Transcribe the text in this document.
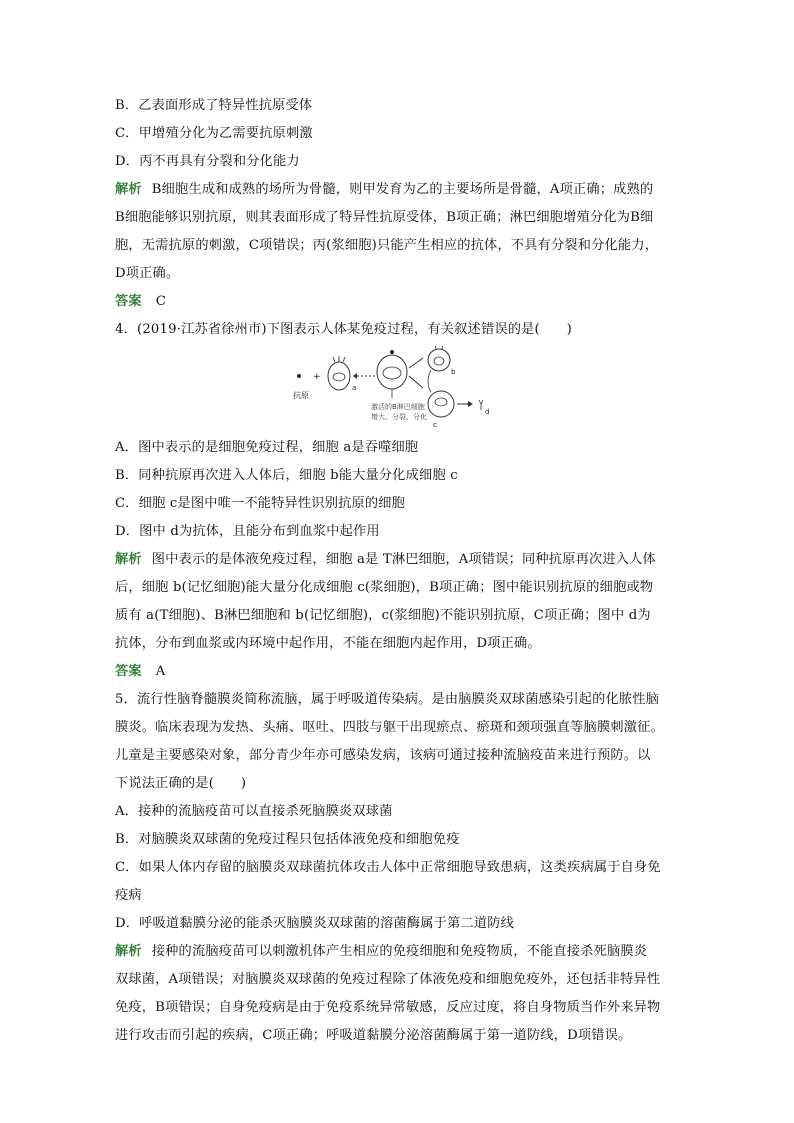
B．乙表面形成了特异性抗原受体
C．甲增殖分化为乙需要抗原刺激
D．丙不再具有分裂和分化能力
解析 B细胞生成和成熟的场所为骨髓，则甲发育为乙的主要场所是骨髓，A项正确；成熟的
B细胞能够识别抗原，则其表面形成了特异性抗原受体，B项正确；淋巴细胞增殖分化为B细
胞，无需抗原的刺激，C项错误；丙(浆细胞)只能产生相应的抗体，不具有分裂和分化能力，
D项正确。
答案 C
4．(2019·江苏省徐州市)下图表示人体某免疫过程，有关叙述错误的是(　　)
抗原
+
a
激活的B淋巴细胞
增大、分裂、分化
b
c
d
A．图中表示的是细胞免疫过程，细胞 a是吞噬细胞
B．同种抗原再次进入人体后，细胞 b能大量分化成细胞 c
C．细胞 c是图中唯一不能特异性识别抗原的细胞
D．图中 d为抗体，且能分布到血浆中起作用
解析 图中表示的是体液免疫过程，细胞 a是 T淋巴细胞，A项错误；同种抗原再次进入人体
后，细胞 b(记忆细胞)能大量分化成细胞 c(浆细胞)，B项正确；图中能识别抗原的细胞或物
质有 a(T细胞)、B淋巴细胞和 b(记忆细胞)，c(浆细胞)不能识别抗原，C项正确；图中 d为
抗体，分布到血浆或内环境中起作用，不能在细胞内起作用，D项正确。
答案 A
5．流行性脑脊髓膜炎简称流脑，属于呼吸道传染病。是由脑膜炎双球菌感染引起的化脓性脑
膜炎。临床表现为发热、头痛、呕吐、四肢与躯干出现瘀点、瘀斑和颈项强直等脑膜刺激征。
儿童是主要感染对象，部分青少年亦可感染发病，该病可通过接种流脑疫苗来进行预防。以
下说法正确的是(　　)
A．接种的流脑疫苗可以直接杀死脑膜炎双球菌
B．对脑膜炎双球菌的免疫过程只包括体液免疫和细胞免疫
C．如果人体内存留的脑膜炎双球菌抗体攻击人体中正常细胞导致患病，这类疾病属于自身免
疫病
D．呼吸道黏膜分泌的能杀灭脑膜炎双球菌的溶菌酶属于第二道防线
解析 接种的流脑疫苗可以刺激机体产生相应的免疫细胞和免疫物质，不能直接杀死脑膜炎
双球菌，A项错误；对脑膜炎双球菌的免疫过程除了体液免疫和细胞免疫外，还包括非特异性
免疫，B项错误；自身免疫病是由于免疫系统异常敏感，反应过度，将自身物质当作外来异物
进行攻击而引起的疾病，C项正确；呼吸道黏膜分泌溶菌酶属于第一道防线，D项错误。
